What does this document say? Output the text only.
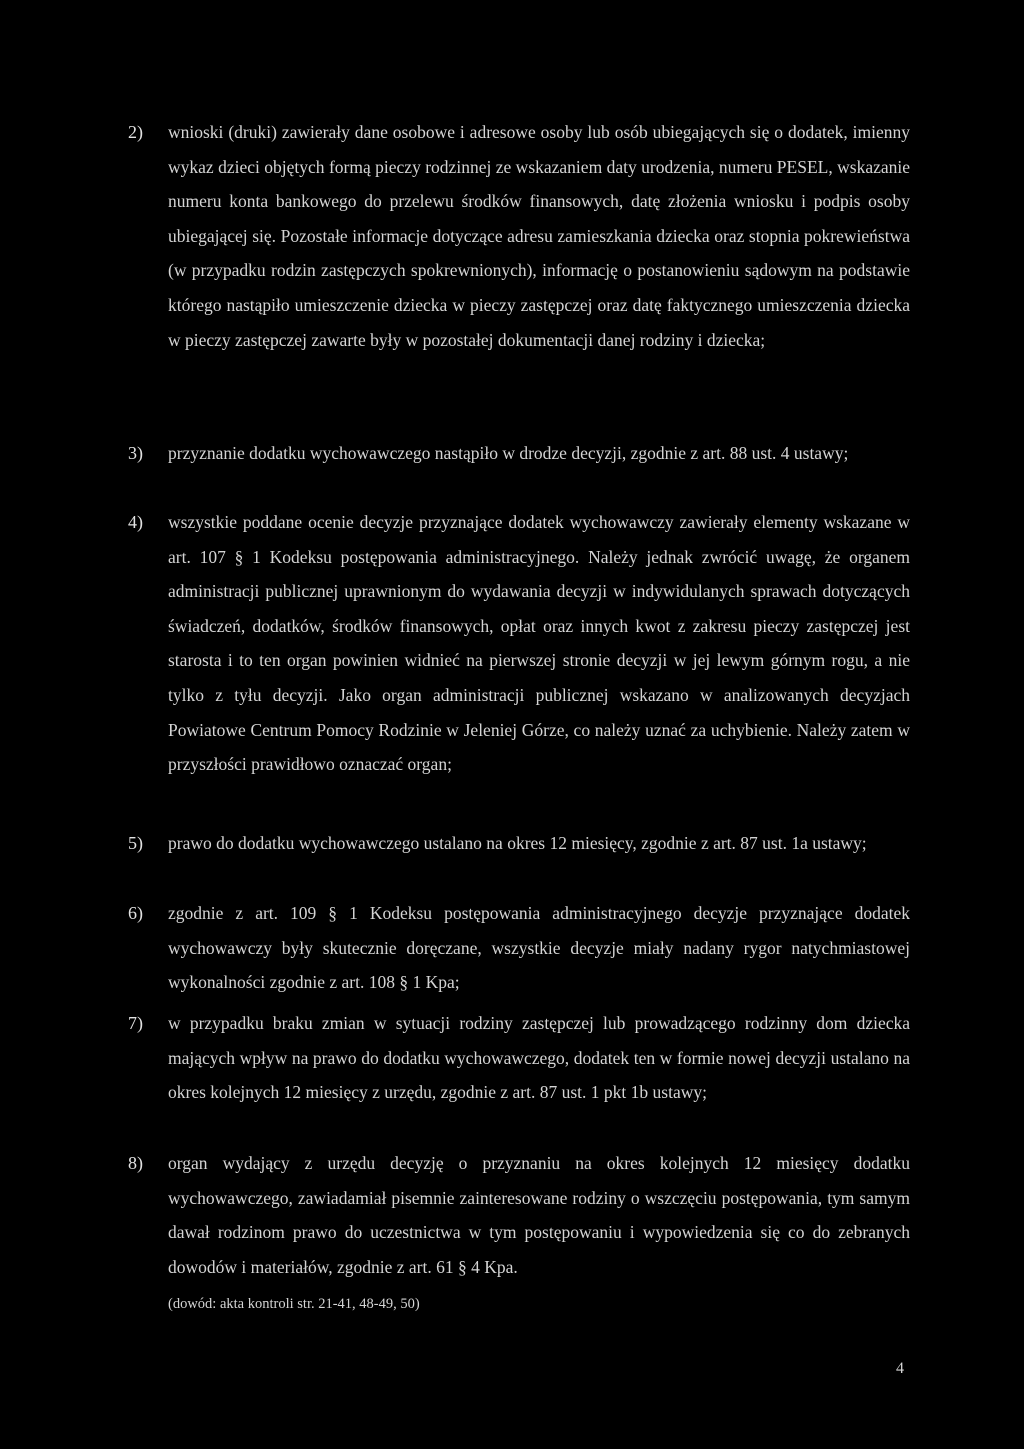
2) wnioski (druki) zawierały dane osobowe i adresowe osoby lub osób ubiegających się o dodatek, imienny wykaz dzieci objętych formą pieczy rodzinnej ze wskazaniem daty urodzenia, numeru PESEL, wskazanie numeru konta bankowego do przelewu środków finansowych, datę złożenia wniosku i podpis osoby ubiegającej się. Pozostałe informacje dotyczące adresu zamieszkania dziecka oraz stopnia pokrewieństwa (w przypadku rodzin zastępczych spokrewnionych), informację o postanowieniu sądowym na podstawie którego nastąpiło umieszczenie dziecka w pieczy zastępczej oraz datę faktycznego umieszczenia dziecka w pieczy zastępczej zawarte były w pozostałej dokumentacji danej rodziny i dziecka;
3) przyznanie dodatku wychowawczego nastąpiło w drodze decyzji, zgodnie z art. 88 ust. 4 ustawy;
4) wszystkie poddane ocenie decyzje przyznające dodatek wychowawczy zawierały elementy wskazane w art. 107 § 1 Kodeksu postępowania administracyjnego. Należy jednak zwrócić uwagę, że organem administracji publicznej uprawnionym do wydawania decyzji w indywidulanych sprawach dotyczących świadczeń, dodatków, środków finansowych, opłat oraz innych kwot z zakresu pieczy zastępczej jest starosta i to ten organ powinien widnieć na pierwszej stronie decyzji w jej lewym górnym rogu, a nie tylko z tyłu decyzji. Jako organ administracji publicznej wskazano w analizowanych decyzjach Powiatowe Centrum Pomocy Rodzinie w Jeleniej Górze, co należy uznać za uchybienie. Należy zatem w przyszłości prawidłowo oznaczać organ;
5) prawo do dodatku wychowawczego ustalano na okres 12 miesięcy, zgodnie z art. 87 ust. 1a ustawy;
6) zgodnie z art. 109 § 1 Kodeksu postępowania administracyjnego decyzje przyznające dodatek wychowawczy były skutecznie doręczane, wszystkie decyzje miały nadany rygor natychmiastowej wykonalności zgodnie z art. 108 § 1 Kpa;
7) w przypadku braku zmian w sytuacji rodziny zastępczej lub prowadzącego rodzinny dom dziecka mających wpływ na prawo do dodatku wychowawczego, dodatek ten w formie nowej decyzji ustalano na okres kolejnych 12 miesięcy z urzędu, zgodnie z art. 87 ust. 1 pkt 1b ustawy;
8) organ wydający z urzędu decyzję o przyznaniu na okres kolejnych 12 miesięcy dodatku wychowawczego, zawiadamiał pisemnie zainteresowane rodziny o wszczęciu postępowania, tym samym dawał rodzinom prawo do uczestnictwa w tym postępowaniu i wypowiedzenia się co do zebranych dowodów i materiałów, zgodnie z art. 61 § 4 Kpa.
(dowód: akta kontroli str. 21-41, 48-49, 50)
4
